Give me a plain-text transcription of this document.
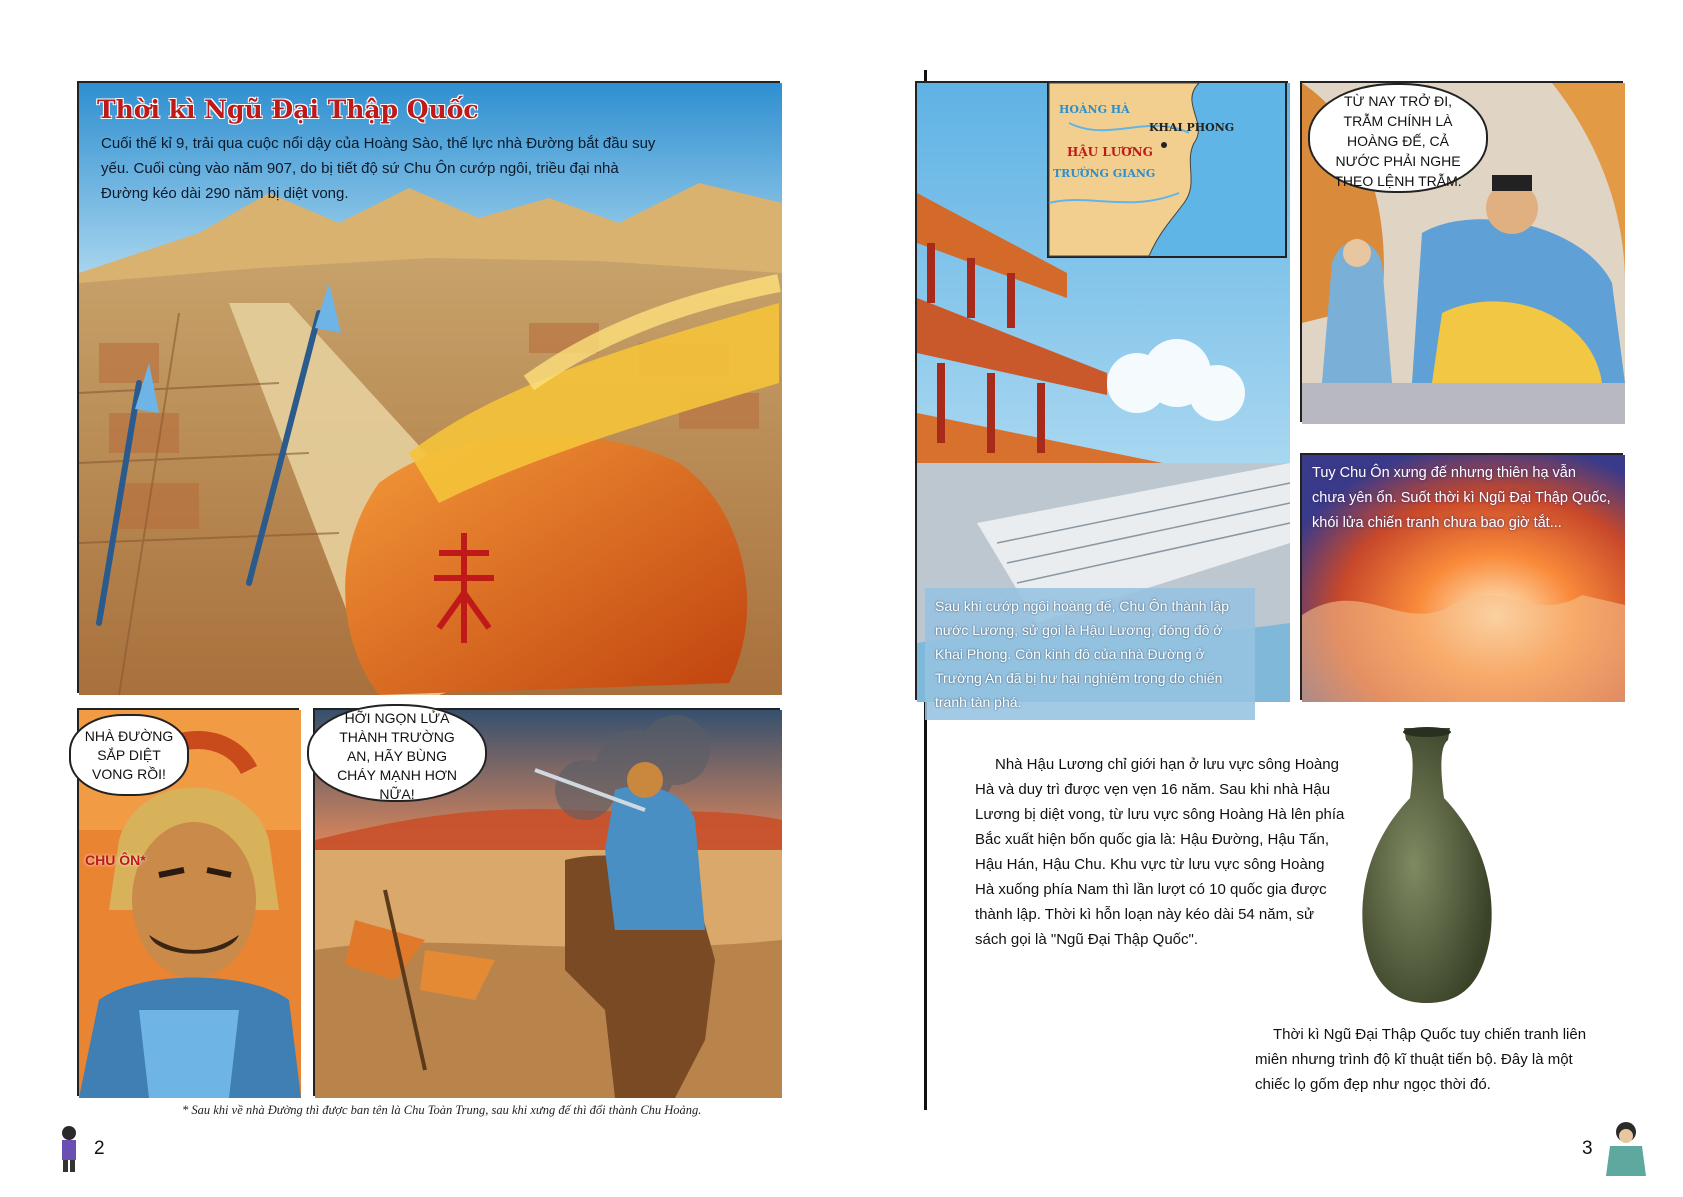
Thời kì Ngũ Đại Thập Quốc
Cuối thế kỉ 9, trải qua cuộc nổi dậy của Hoàng Sào, thế lực nhà Đường bắt đầu suy yếu. Cuối cùng vào năm 907, do bị tiết độ sứ Chu Ôn cướp ngôi, triều đại nhà Đường kéo dài 290 năm bị diệt vong.
NHÀ ĐƯỜNG SẮP DIỆT VONG RỒI!
CHU ÔN*
HỠI NGỌN LỬA THÀNH TRƯỜNG AN, HÃY BÙNG CHÁY MẠNH HƠN NỮA!
* Sau khi về nhà Đường thì được ban tên là Chu Toàn Trung, sau khi xưng đế thì đổi thành Chu Hoảng.
2
HOÀNG HÀ
KHAI PHONG
HẬU LƯƠNG
TRƯỜNG GIANG
Sau khi cướp ngôi hoàng đế, Chu Ôn thành lập nước Lương, sử gọi là Hậu Lương, đóng đô ở Khai Phong. Còn kinh đô của nhà Đường ở Trường An đã bị hư hại nghiêm trọng do chiến tranh tàn phá.
TỪ NAY TRỞ ĐI, TRẪM CHÍNH LÀ HOÀNG ĐẾ, CẢ NƯỚC PHẢI NGHE THEO LỆNH TRẪM.
Tuy Chu Ôn xưng đế nhưng thiên hạ vẫn chưa yên ổn. Suốt thời kì Ngũ Đại Thập Quốc, khói lửa chiến tranh chưa bao giờ tắt...
Nhà Hậu Lương chỉ giới hạn ở lưu vực sông Hoàng Hà và duy trì được vẹn vẹn 16 năm. Sau khi nhà Hậu Lương bị diệt vong, từ lưu vực sông Hoàng Hà lên phía Bắc xuất hiện bốn quốc gia là: Hậu Đường, Hậu Tấn, Hậu Hán, Hậu Chu. Khu vực từ lưu vực sông Hoàng Hà xuống phía Nam thì lần lượt có 10 quốc gia được thành lập. Thời kì hỗn loạn này kéo dài 54 năm, sử sách gọi là "Ngũ Đại Thập Quốc".
Thời kì Ngũ Đại Thập Quốc tuy chiến tranh liên miên nhưng trình độ kĩ thuật tiến bộ. Đây là một chiếc lọ gốm đẹp như ngọc thời đó.
3
